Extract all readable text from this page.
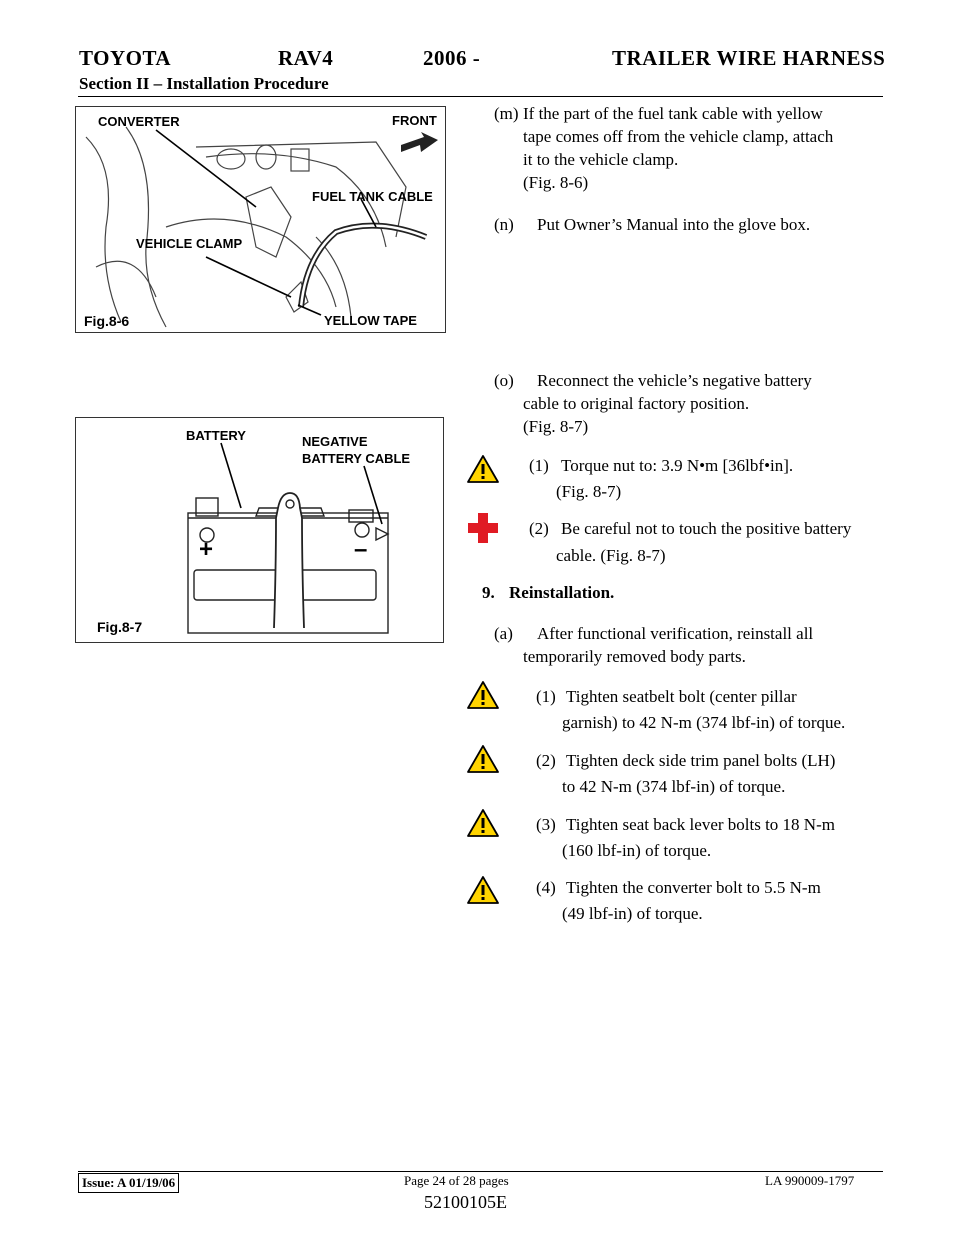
TOYOTA	RAV4	2006 -	TRAILER WIRE HARNESS
Section II – Installation Procedure
CONVERTER	FRONT
FUEL TANK CABLE
VEHICLE CLAMP
YELLOW TAPE
Fig.8-6
BATTERY	NEGATIVE
BATTERY CABLE
+	–
Fig.8-7
(m) If the part of the fuel tank cable with yellow
tape comes off from the vehicle clamp, attach
it to the vehicle clamp.
(Fig. 8-6)
(n) Put Owner’s Manual into the glove box.
(o) Reconnect the vehicle’s negative battery
cable to original factory position.
(Fig. 8-7)
(1) Torque nut to: 3.9 N•m [36lbf•in].
(Fig. 8-7)
(2) Be careful not to touch the positive battery
cable. (Fig. 8-7)
9. Reinstallation.
(a) After functional verification, reinstall all
temporarily removed body parts.
(1) Tighten seatbelt bolt (center pillar
garnish) to 42 N-m (374 lbf-in) of torque.
(2) Tighten deck side trim panel bolts (LH)
to 42 N-m (374 lbf-in) of torque.
(3) Tighten seat back lever bolts to 18 N-m
(160 lbf-in) of torque.
(4) Tighten the converter bolt to 5.5 N-m
(49 lbf-in) of torque.
Issue: A 01/19/06	Page 24 of 28 pages	LA 990009-1797
52100105E
